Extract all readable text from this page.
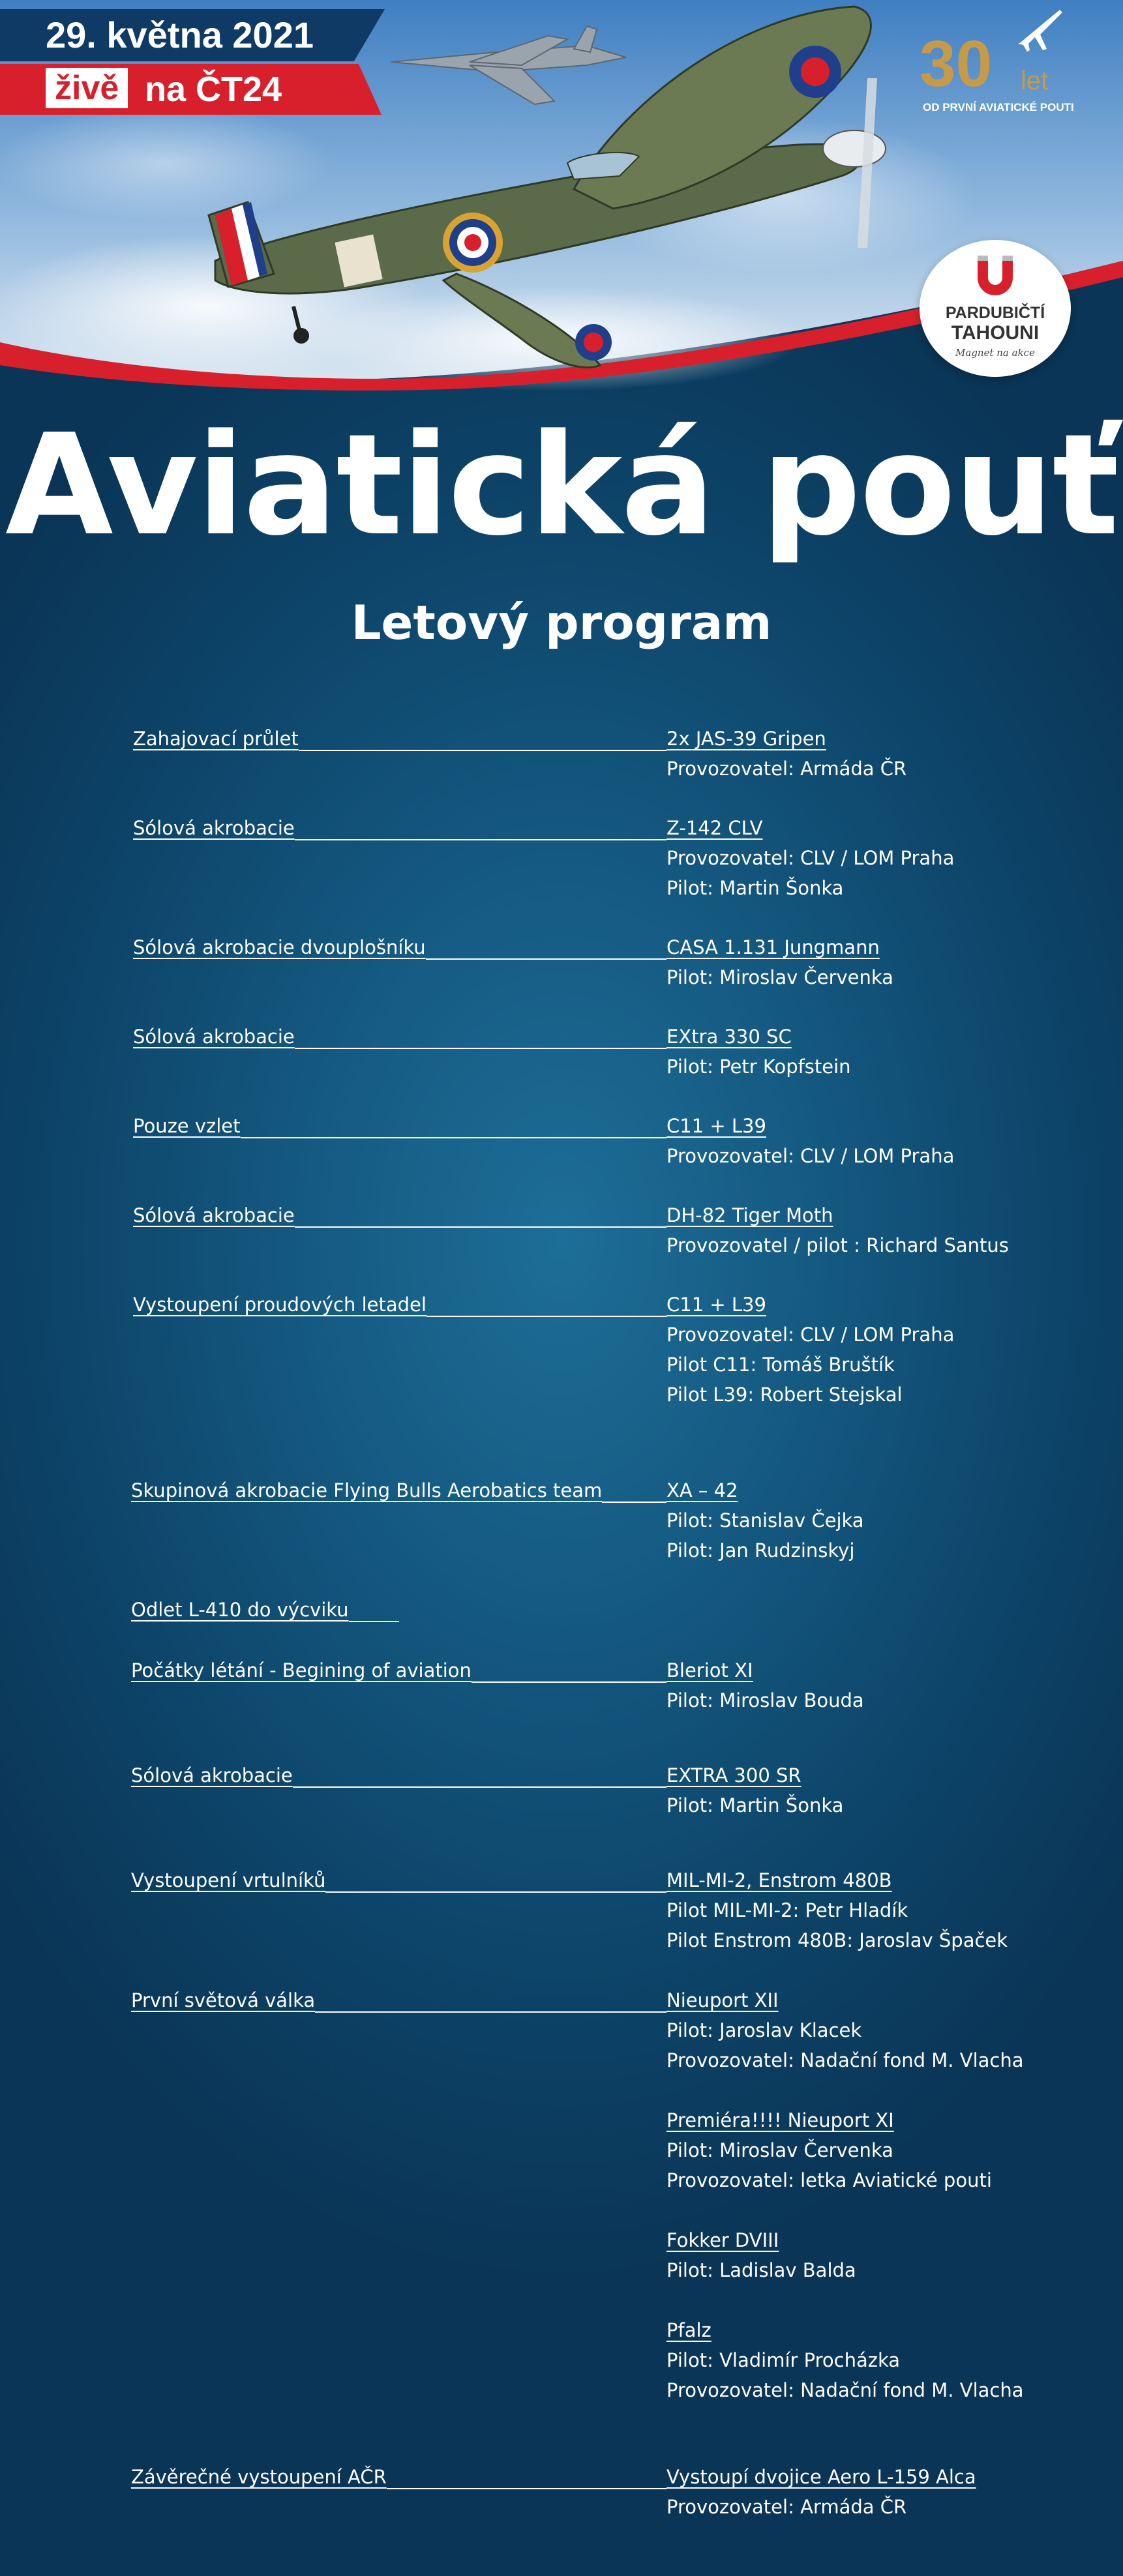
29. května 2021
živě na ČT24	30 let
OD PRVNÍ AVIATICKÉ POUTI
PARDUBIČTÍ
TAHOUNI
Magnet na akce
Aviatická pouť
Letový program
Zahajovací průlet	2x JAS-39 Gripen
Provozovatel: Armáda ČR
Sólová akrobacie	Z-142 CLV
Provozovatel: CLV / LOM Praha
Pilot: Martin Šonka
Sólová akrobacie dvouplošníku	CASA 1.131 Jungmann
Pilot: Miroslav Červenka
Sólová akrobacie	EXtra 330 SC
Pilot: Petr Kopfstein
Pouze vzlet	C11 + L39
Provozovatel: CLV / LOM Praha
Sólová akrobacie	DH-82 Tiger Moth
Provozovatel / pilot : Richard Santus
Vystoupení proudových letadel	C11 + L39
Provozovatel: CLV / LOM Praha
Pilot C11: Tomáš Bruštík
Pilot L39: Robert Stejskal
Skupinová akrobacie Flying Bulls Aerobatics team	XA – 42
Pilot: Stanislav Čejka
Pilot: Jan Rudzinskyj
Odlet L-410 do výcviku
Počátky létání - Begining of aviation	Bleriot XI
Pilot: Miroslav Bouda
Sólová akrobacie	EXTRA 300 SR
Pilot: Martin Šonka
Vystoupení vrtulníků	MIL-MI-2, Enstrom 480B
Pilot MIL-MI-2: Petr Hladík
Pilot Enstrom 480B: Jaroslav Špaček
První světová válka	Nieuport XII
Pilot: Jaroslav Klacek
Provozovatel: Nadační fond M. Vlacha

Premiéra!!!! Nieuport XI
Pilot: Miroslav Červenka
Provozovatel: letka Aviatické pouti

Fokker DVIII
Pilot: Ladislav Balda

Pfalz
Pilot: Vladimír Procházka
Provozovatel: Nadační fond M. Vlacha
Závěrečné vystoupení AČR	Vystoupí dvojice Aero L-159 Alca
Provozovatel: Armáda ČR
